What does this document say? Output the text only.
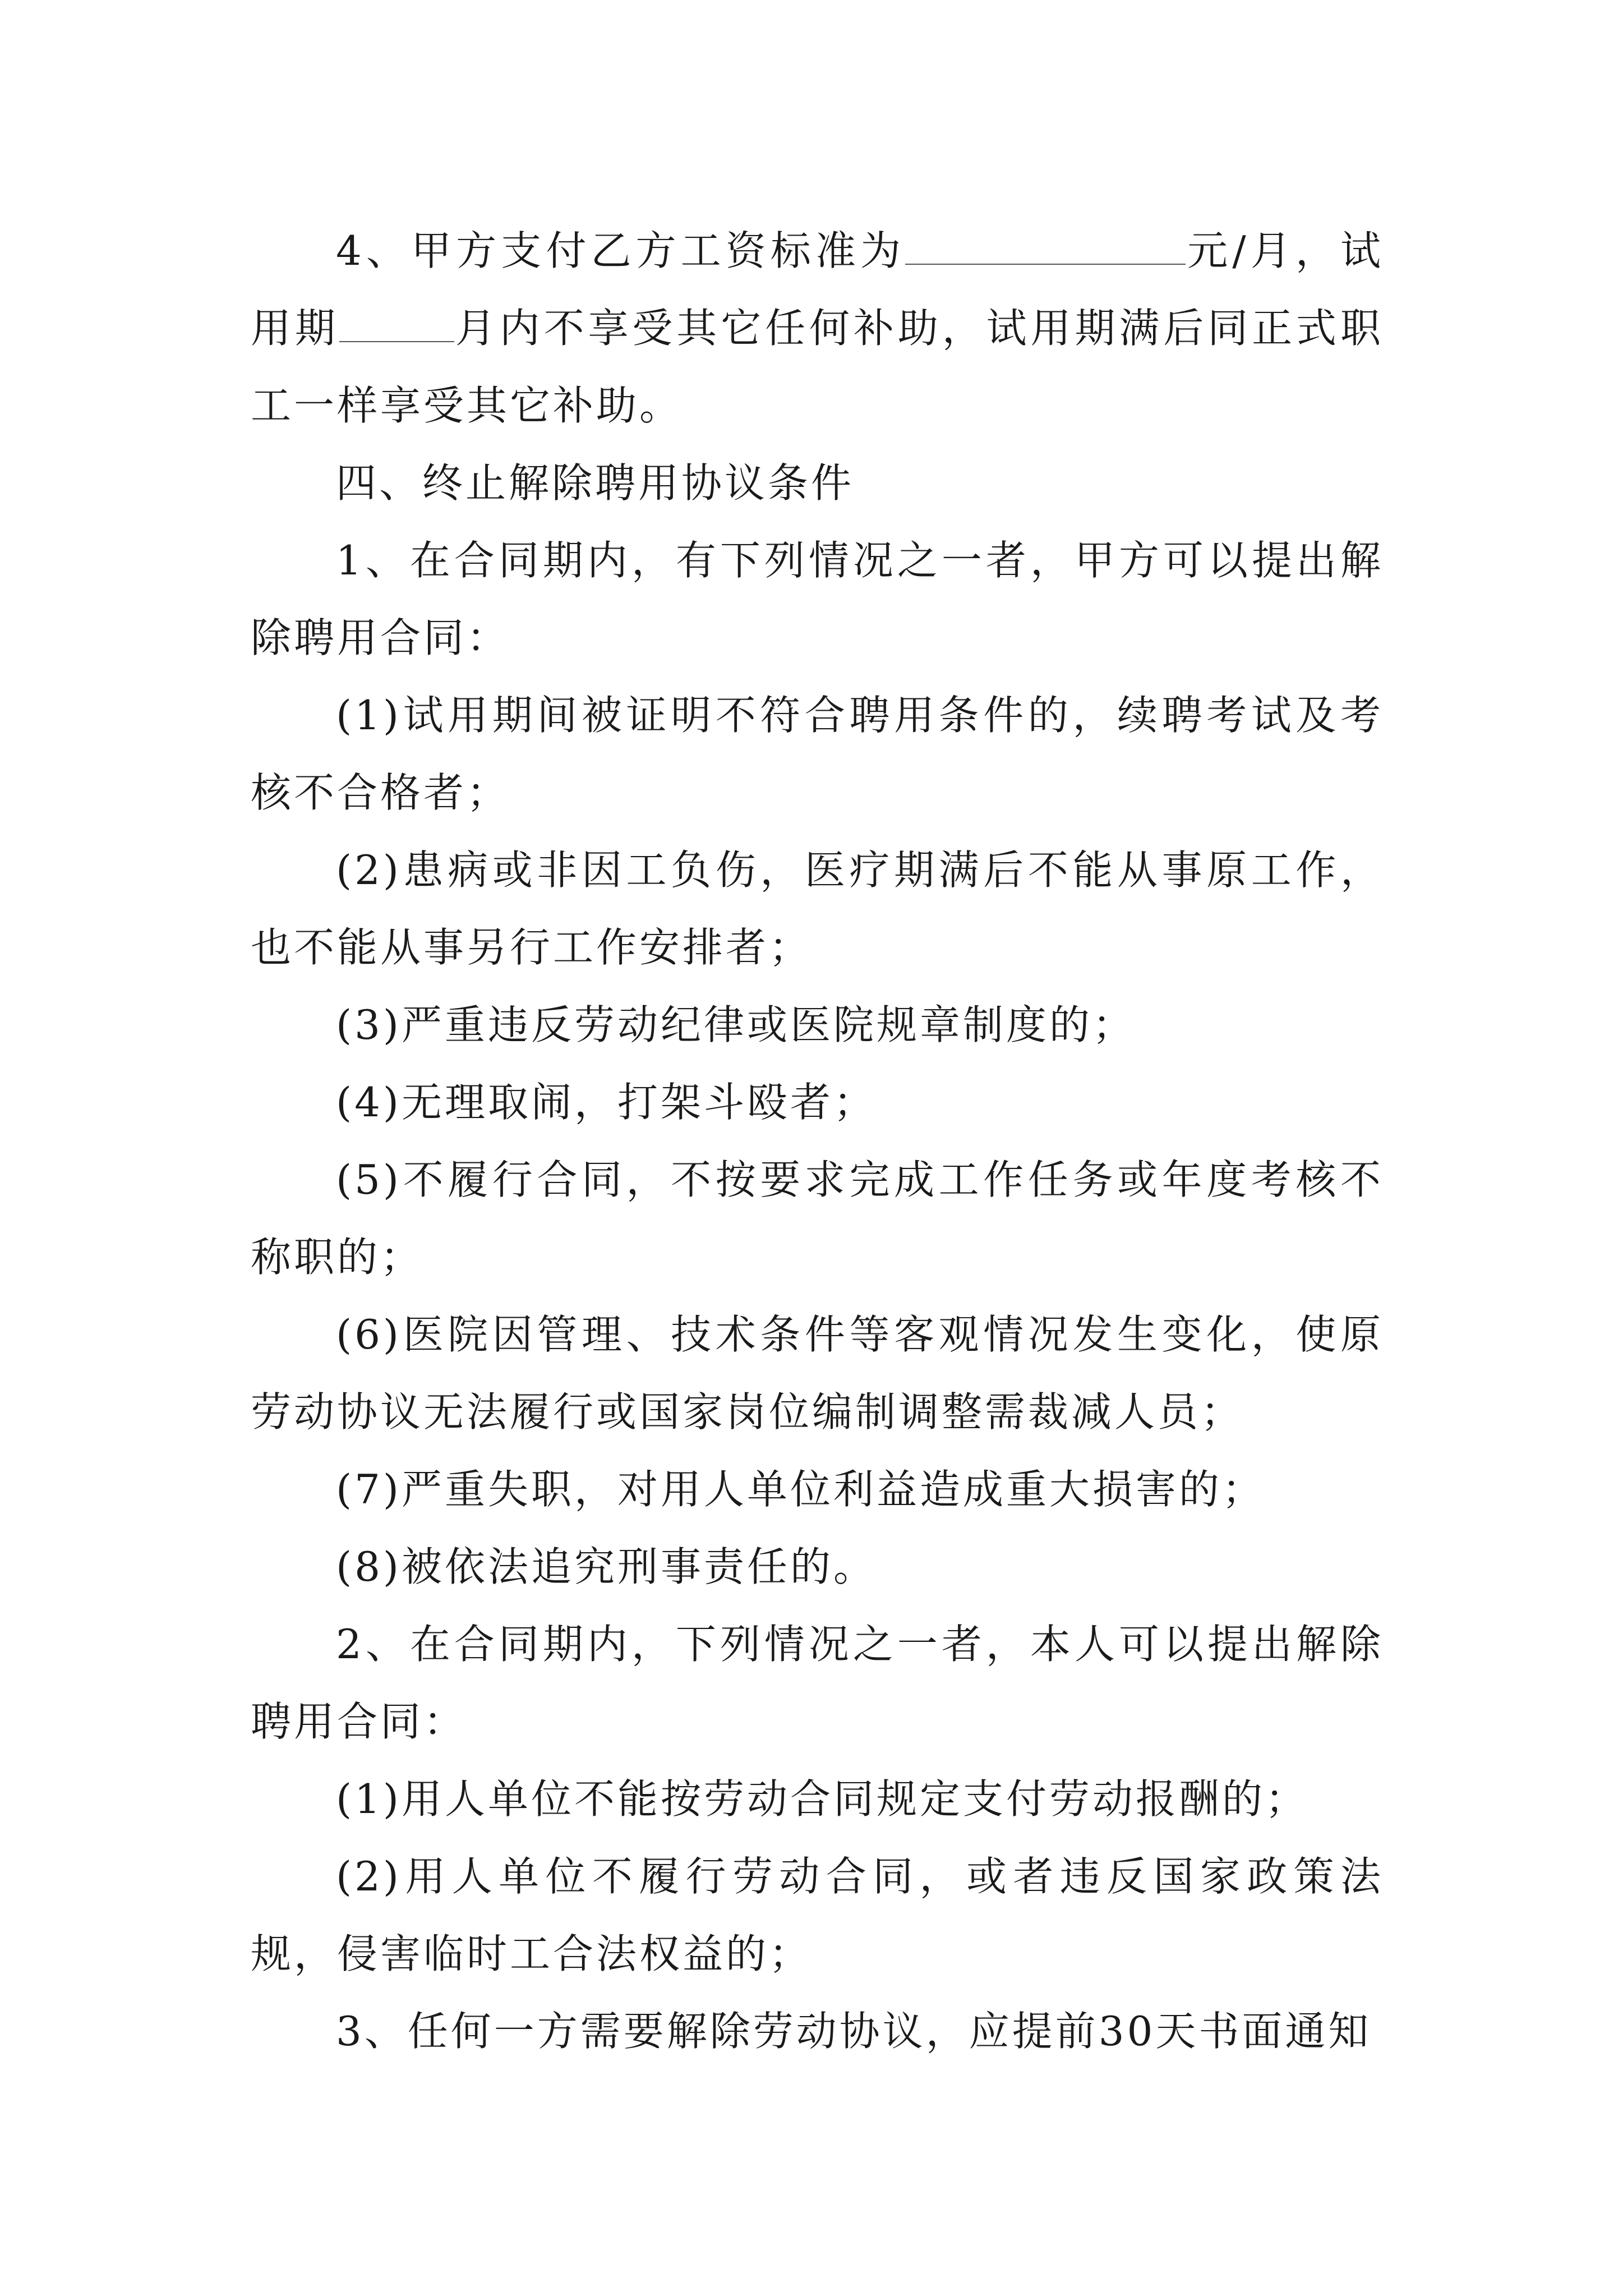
4、甲方支付乙方工资标准为	元/月，试用期	月内不享受其它任何补助，试用期满后同正式职工一样享受其它补助。

四、终止解除聘用协议条件

1、在合同期内，有下列情况之一者，甲方可以提出解除聘用合同：

(1)试用期间被证明不符合聘用条件的，续聘考试及考核不合格者；

(2)患病或非因工负伤，医疗期满后不能从事原工作，也不能从事另行工作安排者；

(3)严重违反劳动纪律或医院规章制度的；

(4)无理取闹，打架斗殴者；

(5)不履行合同，不按要求完成工作任务或年度考核不称职的；

(6)医院因管理、技术条件等客观情况发生变化，使原劳动协议无法履行或国家岗位编制调整需裁减人员；

(7)严重失职，对用人单位利益造成重大损害的；

(8)被依法追究刑事责任的。

2、在合同期内，下列情况之一者，本人可以提出解除聘用合同：

(1)用人单位不能按劳动合同规定支付劳动报酬的；

(2)用人单位不履行劳动合同，或者违反国家政策法规，侵害临时工合法权益的；

3、任何一方需要解除劳动协议，应提前30天书面通知
